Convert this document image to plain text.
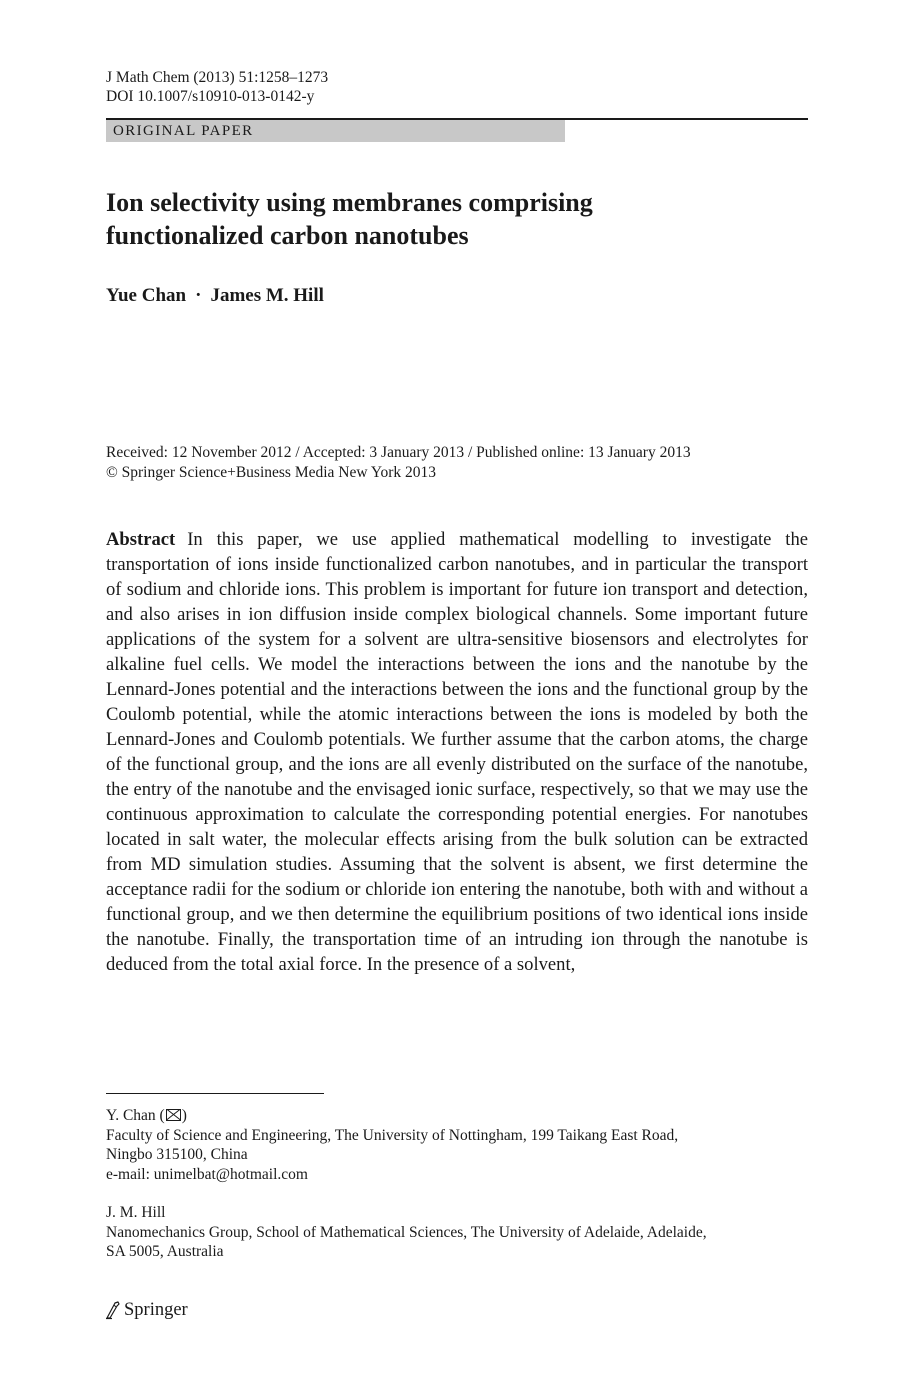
J Math Chem (2013) 51:1258–1273
DOI 10.1007/s10910-013-0142-y
ORIGINAL PAPER
Ion selectivity using membranes comprising
functionalized carbon nanotubes
Yue Chan · James M. Hill
Received: 12 November 2012 / Accepted: 3 January 2013 / Published online: 13 January 2013
© Springer Science+Business Media New York 2013

Abstract In this paper, we use applied mathematical modelling to investigate the transportation of ions inside functionalized carbon nanotubes, and in particular the transport of sodium and chloride ions. This problem is important for future ion transport and detection, and also arises in ion diffusion inside complex biological channels. Some important future applications of the system for a solvent are ultra-sensitive biosensors and electrolytes for alkaline fuel cells. We model the interactions between the ions and the nanotube by the Lennard-Jones potential and the interactions between the ions and the functional group by the Coulomb potential, while the atomic interactions between the ions is modeled by both the Lennard-Jones and Coulomb potentials. We further assume that the carbon atoms, the charge of the functional group, and the ions are all evenly distributed on the surface of the nanotube, the entry of the nanotube and the envisaged ionic surface, respectively, so that we may use the continuous approximation to calculate the corresponding potential energies. For nanotubes located in salt water, the molecular effects arising from the bulk solution can be extracted from MD simulation studies. Assuming that the solvent is absent, we first determine the acceptance radii for the sodium or chloride ion entering the nanotube, both with and without a functional group, and we then determine the equilibrium positions of two identical ions inside the nanotube. Finally, the transportation time of an intruding ion through the nanotube is deduced from the total axial force. In the presence of a solvent,

Y. Chan ( )
Faculty of Science and Engineering, The University of Nottingham, 199 Taikang East Road,
Ningbo 315100, China
e-mail: unimelbat@hotmail.com
J. M. Hill
Nanomechanics Group, School of Mathematical Sciences, The University of Adelaide, Adelaide,
SA 5005, Australia
Springer
